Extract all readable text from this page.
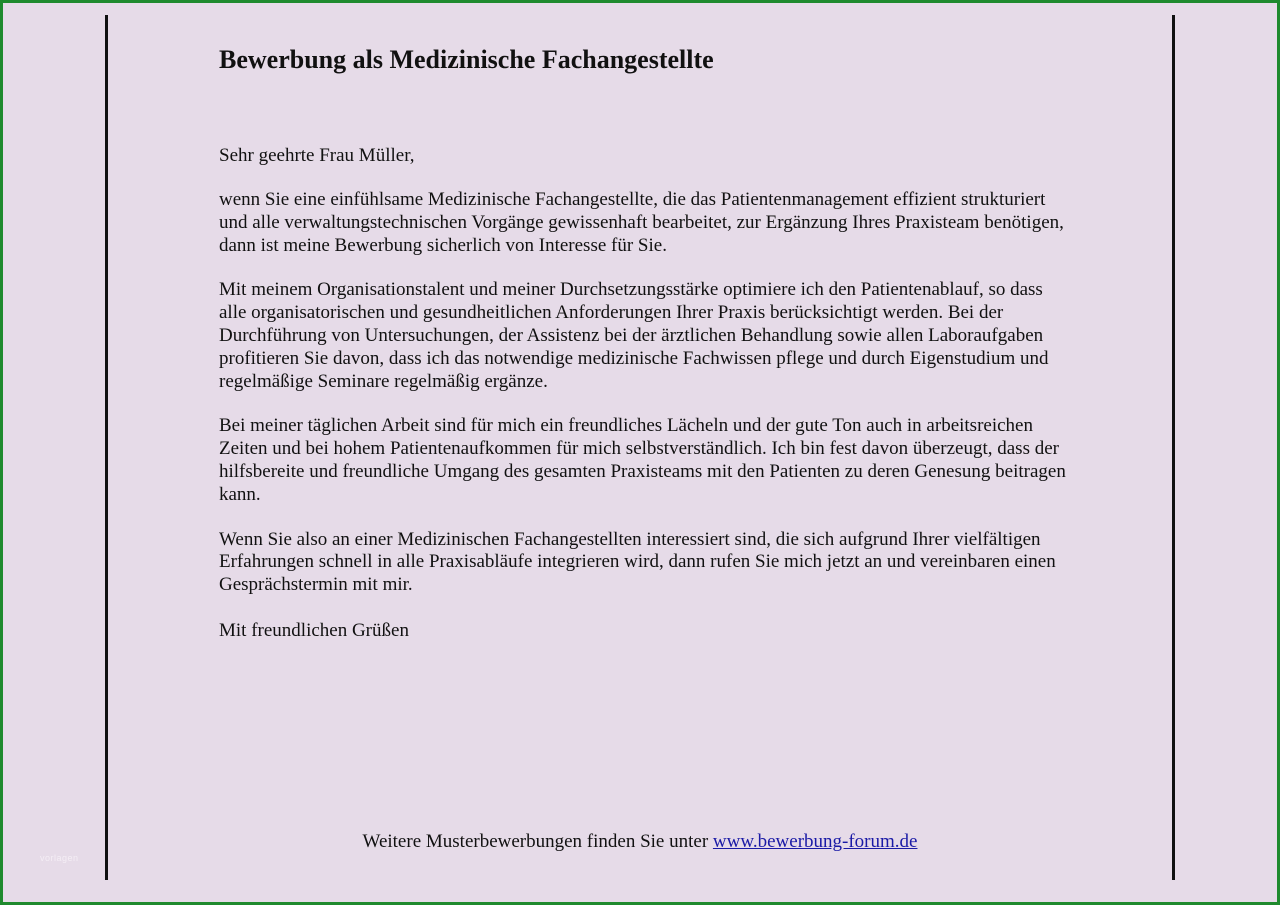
Bewerbung als Medizinische Fachangestellte

Sehr geehrte Frau Müller,

wenn Sie eine einfühlsame Medizinische Fachangestellte, die das Patientenmanagement effizient strukturiert und alle verwaltungstechnischen Vorgänge gewissenhaft bearbeitet, zur Ergänzung Ihres Praxisteam benötigen, dann ist meine Bewerbung sicherlich von Interesse für Sie.

Mit meinem Organisationstalent und meiner Durchsetzungsstärke optimiere ich den Patientenablauf, so dass alle organisatorischen und gesundheitlichen Anforderungen Ihrer Praxis berücksichtigt werden. Bei der Durchführung von Untersuchungen, der Assistenz bei der ärztlichen Behandlung sowie allen Laboraufgaben profitieren Sie davon, dass ich das notwendige medizinische Fachwissen pflege und durch Eigenstudium und regelmäßige Seminare regelmäßig ergänze.

Bei meiner täglichen Arbeit sind für mich ein freundliches Lächeln und der gute Ton auch in arbeitsreichen Zeiten und bei hohem Patientenaufkommen für mich selbstverständlich. Ich bin fest davon überzeugt, dass der hilfsbereite und freundliche Umgang des gesamten Praxisteams mit den Patienten zu deren Genesung beitragen kann.

Wenn Sie also an einer Medizinischen Fachangestellten interessiert sind, die sich aufgrund Ihrer vielfältigen Erfahrungen schnell in alle Praxisabläufe integrieren wird, dann rufen Sie mich jetzt an und vereinbaren einen Gesprächstermin mit mir.

Mit freundlichen Grüßen

Weitere Musterbewerbungen finden Sie unter www.bewerbung-forum.de
vorlagen
